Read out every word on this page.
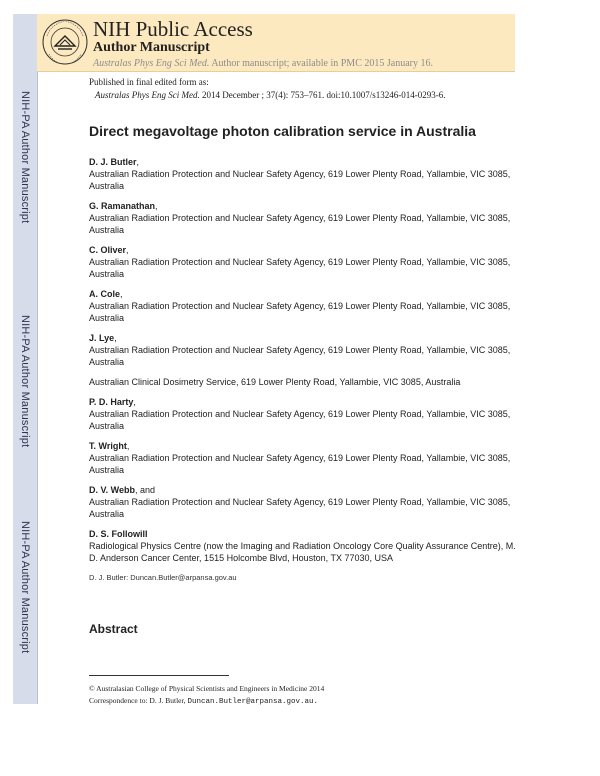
NIH-PA Author Manuscript
NIH-PA Author Manuscript
NIH-PA Author Manuscript
NIH Public Access
Author Manuscript
Australas Phys Eng Sci Med. Author manuscript; available in PMC 2015 January 16.
Published in final edited form as:
Australas Phys Eng Sci Med. 2014 December ; 37(4): 753–761. doi:10.1007/s13246-014-0293-6.
Direct megavoltage photon calibration service in Australia
D. J. Butler,
Australian Radiation Protection and Nuclear Safety Agency, 619 Lower Plenty Road, Yallambie, VIC 3085, Australia
G. Ramanathan,
Australian Radiation Protection and Nuclear Safety Agency, 619 Lower Plenty Road, Yallambie, VIC 3085, Australia
C. Oliver,
Australian Radiation Protection and Nuclear Safety Agency, 619 Lower Plenty Road, Yallambie, VIC 3085, Australia
A. Cole,
Australian Radiation Protection and Nuclear Safety Agency, 619 Lower Plenty Road, Yallambie, VIC 3085, Australia
J. Lye,
Australian Radiation Protection and Nuclear Safety Agency, 619 Lower Plenty Road, Yallambie, VIC 3085, Australia
Australian Clinical Dosimetry Service, 619 Lower Plenty Road, Yallambie, VIC 3085, Australia
P. D. Harty,
Australian Radiation Protection and Nuclear Safety Agency, 619 Lower Plenty Road, Yallambie, VIC 3085, Australia
T. Wright,
Australian Radiation Protection and Nuclear Safety Agency, 619 Lower Plenty Road, Yallambie, VIC 3085, Australia
D. V. Webb, and
Australian Radiation Protection and Nuclear Safety Agency, 619 Lower Plenty Road, Yallambie, VIC 3085, Australia
D. S. Followill
Radiological Physics Centre (now the Imaging and Radiation Oncology Core Quality Assurance Centre), M. D. Anderson Cancer Center, 1515 Holcombe Blvd, Houston, TX 77030, USA
D. J. Butler: Duncan.Butler@arpansa.gov.au
Abstract
© Australasian College of Physical Scientists and Engineers in Medicine 2014
Correspondence to: D. J. Butler, Duncan.Butler@arpansa.gov.au.
